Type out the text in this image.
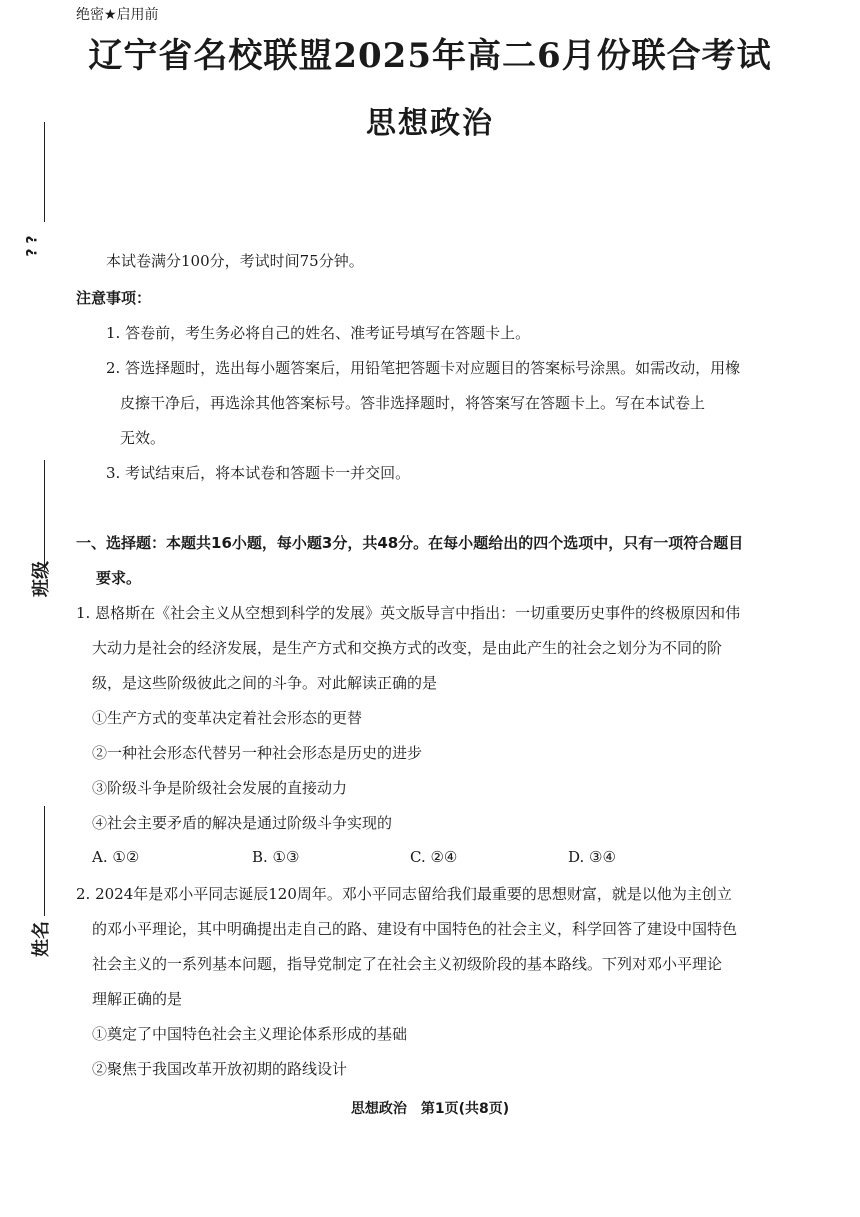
? ?
班级
姓名
绝密★启用前
辽宁省名校联盟2025年高二6月份联合考试
思想政治
本试卷满分100分，考试时间75分钟。
注意事项：
1. 答卷前，考生务必将自己的姓名、准考证号填写在答题卡上。
2. 答选择题时，选出每小题答案后，用铅笔把答题卡对应题目的答案标号涂黑。如需改动，用橡
皮擦干净后，再选涂其他答案标号。答非选择题时，将答案写在答题卡上。写在本试卷上
无效。
3. 考试结束后，将本试卷和答题卡一并交回。
一、选择题：本题共16小题，每小题3分，共48分。在每小题给出的四个选项中，只有一项符合题目
要求。
1. 恩格斯在《社会主义从空想到科学的发展》英文版导言中指出：一切重要历史事件的终极原因和伟
大动力是社会的经济发展，是生产方式和交换方式的改变，是由此产生的社会之划分为不同的阶
级，是这些阶级彼此之间的斗争。对此解读正确的是
①生产方式的变革决定着社会形态的更替
②一种社会形态代替另一种社会形态是历史的进步
③阶级斗争是阶级社会发展的直接动力
④社会主要矛盾的解决是通过阶级斗争实现的
A. ①②	B. ①③	C. ②④	D. ③④
2. 2024年是邓小平同志诞辰120周年。邓小平同志留给我们最重要的思想财富，就是以他为主创立
的邓小平理论，其中明确提出走自己的路、建设有中国特色的社会主义，科学回答了建设中国特色
社会主义的一系列基本问题，指导党制定了在社会主义初级阶段的基本路线。下列对邓小平理论
理解正确的是
①奠定了中国特色社会主义理论体系形成的基础
②聚焦于我国改革开放初期的路线设计
思想政治　第1页(共8页)
